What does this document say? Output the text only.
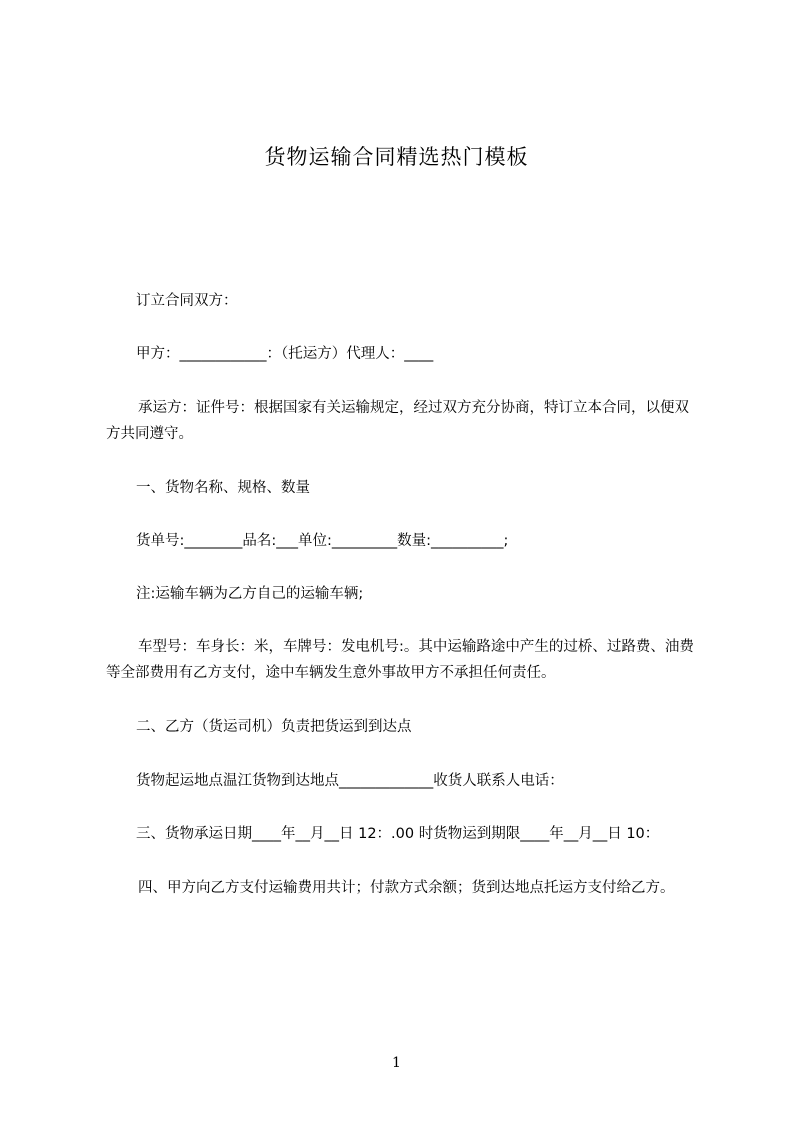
货物运输合同精选热门模板

订立合同双方：

甲方：____________：（托运方）代理人：____

承运方：证件号：根据国家有关运输规定，经过双方充分协商，特订立本合同，以便双方共同遵守。

一、货物名称、规格、数量

货单号:________品名:___单位:_________数量:__________;

注:运输车辆为乙方自己的运输车辆;

车型号：车身长：米，车牌号：发电机号:。其中运输路途中产生的过桥、过路费、油费等全部费用有乙方支付，途中车辆发生意外事故甲方不承担任何责任。

二、乙方（货运司机）负责把货运到到达点

货物起运地点温江货物到达地点_____________收货人联系人电话：

三、货物承运日期____年__月__日 12：.00 时货物运到期限____年__月__日 10：

四、甲方向乙方支付运输费用共计；付款方式余额；货到达地点托运方支付给乙方。

1
